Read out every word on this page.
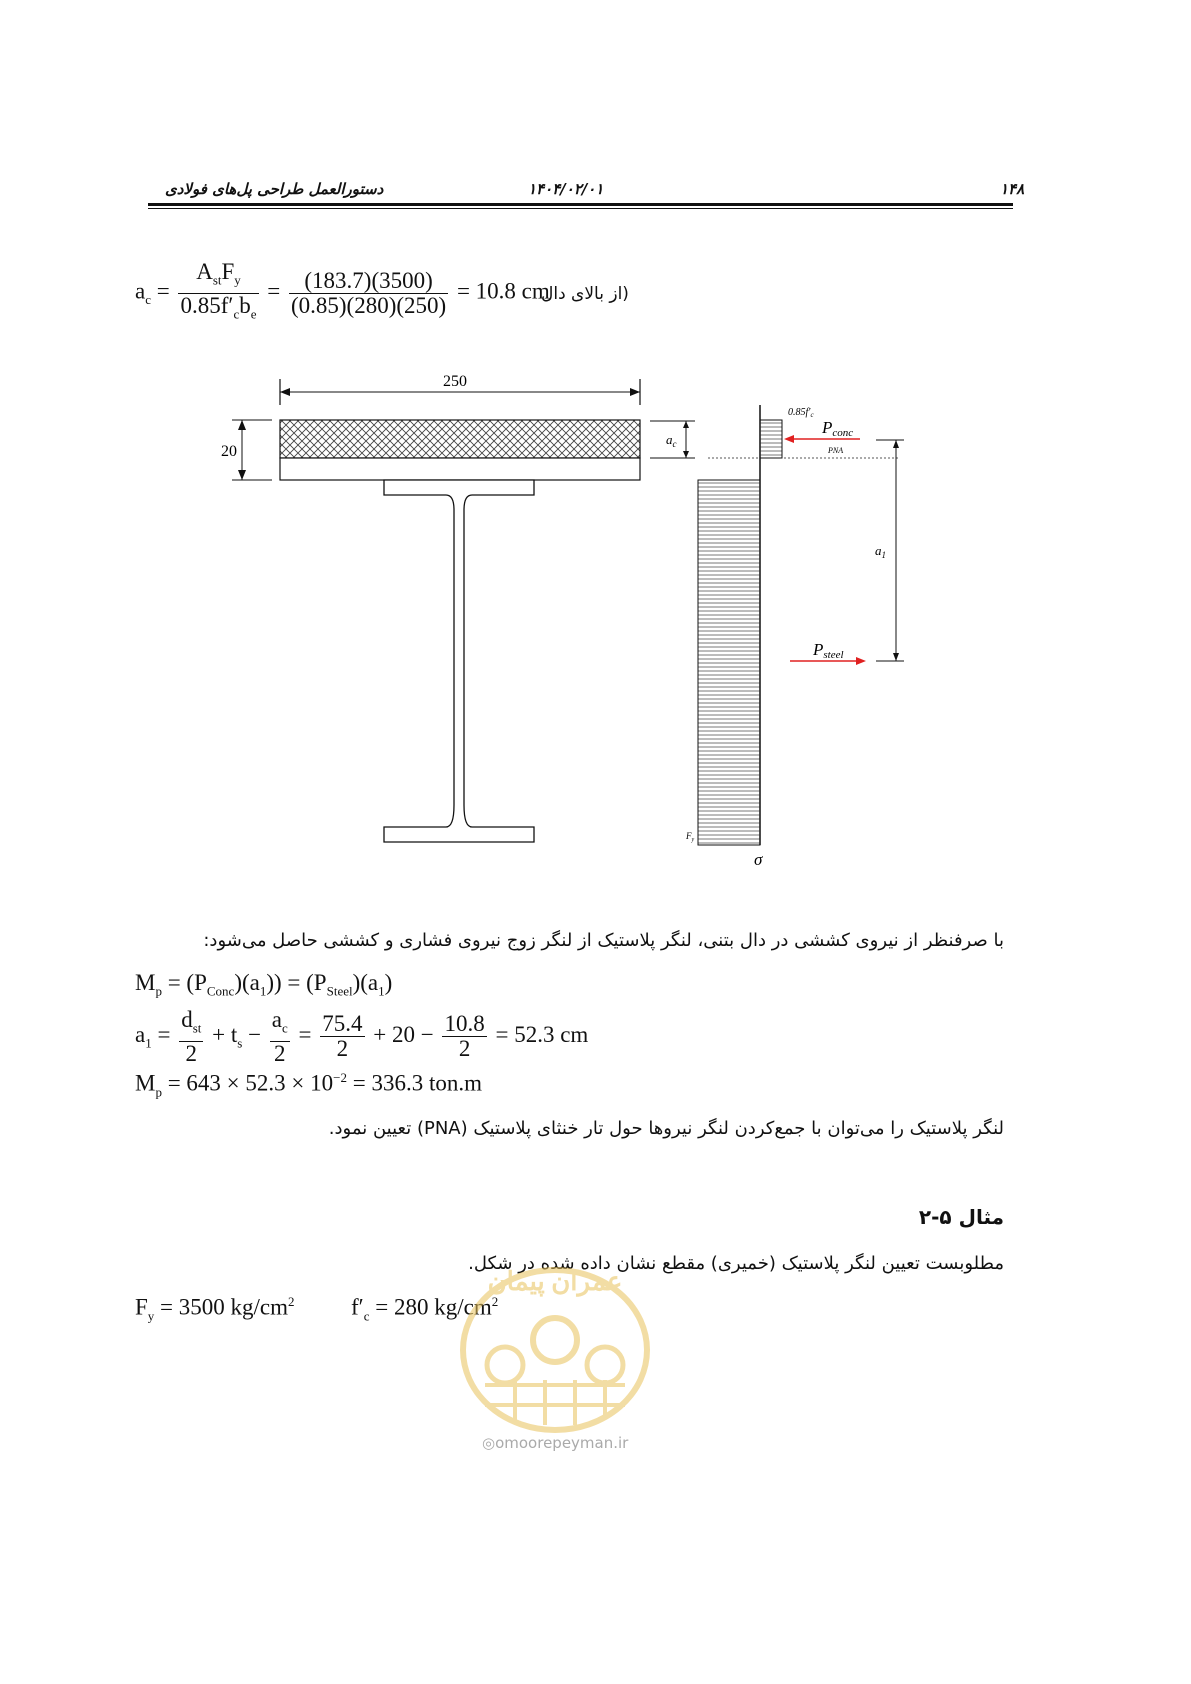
۱۴۸
۱۴۰۴/۰۲/۰۱
دستورالعمل طراحی پل‌های فولادی
$a_c = \frac{A_{st}F_y}{0.85f'_cb_e} = \frac{(183.7)(3500)}{(0.85)(280)(250)} = 10.8$ cm
(از بالای دال
250
20
$a_c$
$0.85f'_c$
Pconc
PNA
$a_1$
Psteel
$F_y$
σ
با صرفنظر از نیروی کششی در دال بتنی، لنگر پلاستیک از لنگر زوج نیروی فشاری و کششی حاصل می‌شود:
$M_p = (P_{Conc})(a_1)) = (P_{Steel})(a_1)$
$a_1 = \frac{d_{st}}{2} + t_s - \frac{a_c}{2} = \frac{75.4}{2} + 20 - \frac{10.8}{2} = 52.3$ cm
$M_p = 643 \times 52.3 \times 10^{-2} = 336.3$ ton.m
لنگر پلاستیک را می‌توان با جمع‌کردن لنگر نیروها حول تار خنثای پلاستیک (PNA) تعیین نمود.
مثال ۵-۲
مطلوبست تعیین لنگر پلاستیک (خمیری) مقطع نشان داده شده در شکل.
$F_y = 3500$ $kg/cm^2$ $f'_c = 280$ $kg/cm^2$
عمران پیمان
◎omoorepeyman.ir
